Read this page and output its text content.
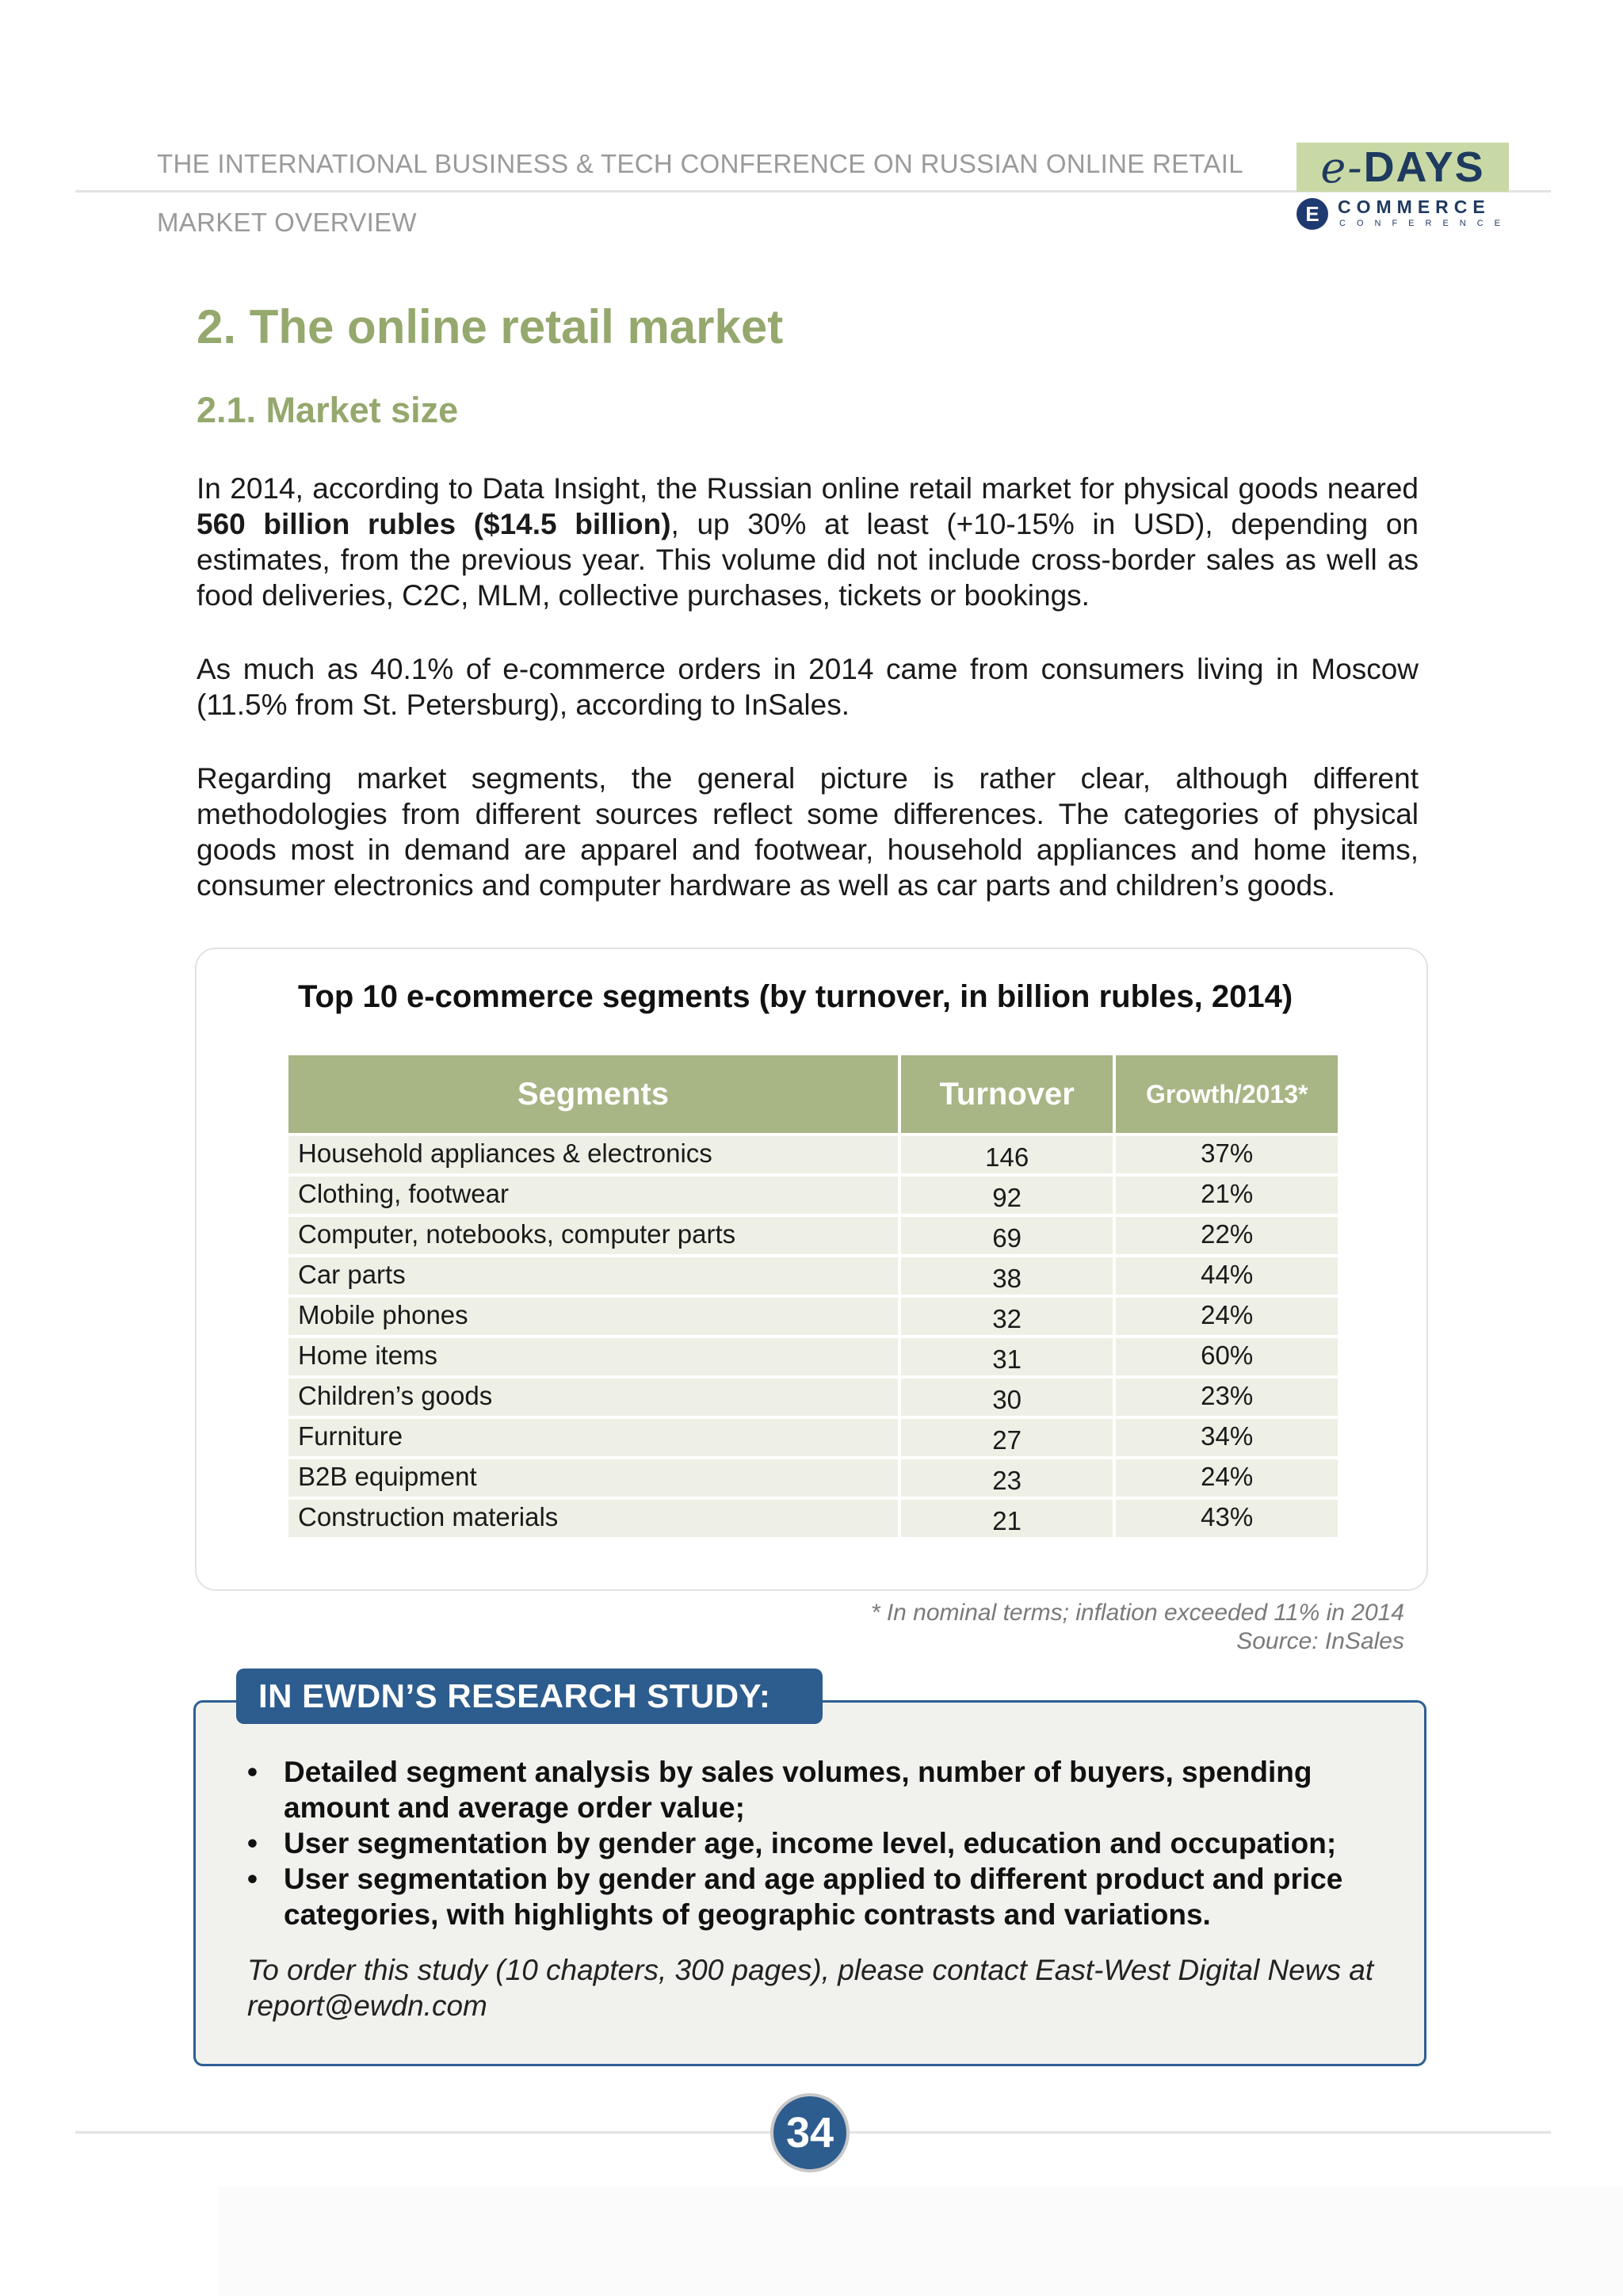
THE INTERNATIONAL BUSINESS & TECH CONFERENCE ON RUSSIAN ONLINE RETAIL
MARKET OVERVIEW
e- DAYS
E	COMMERCE
CONFERENCE
2. The online retail market
2.1. Market size
In 2014, according to Data Insight, the Russian online retail market for physical goods neared 560 billion rubles ($14.5 billion), up 30% at least (+10-15% in USD), depending on estimates, from the previous year. This volume did not include cross-border sales as well as food deliveries, C2C, MLM, collective purchases, tickets or bookings.
As much as 40.1% of e-commerce orders in 2014 came from consumers living in Moscow (11.5% from St. Petersburg), according to InSales.
Regarding market segments, the general picture is rather clear, although different methodologies from different sources reflect some differences. The categories of physical goods most in demand are apparel and footwear, household appliances and home items, consumer electronics and computer hardware as well as car parts and children’s goods.
Top 10 e-commerce segments (by turnover, in billion rubles, 2014)
Segments	Turnover	Growth/2013*
Household appliances & electronics	146	37%
Clothing, footwear	92	21%
Computer, notebooks, computer parts	69	22%
Car parts	38	44%
Mobile phones	32	24%
Home items	31	60%
Children’s goods	30	23%
Furniture	27	34%
B2B equipment	23	24%
Construction materials	21	43%
* In nominal terms; inflation exceeded 11% in 2014
Source: InSales
IN EWDN’S RESEARCH STUDY:
• Detailed segment analysis by sales volumes, number of buyers, spending amount and average order value;
• User segmentation by gender age, income level, education and occupation;
• User segmentation by gender and age applied to different product and price categories, with highlights of geographic contrasts and variations.
To order this study (10 chapters, 300 pages), please contact East-West Digital News at report@ewdn.com
34
